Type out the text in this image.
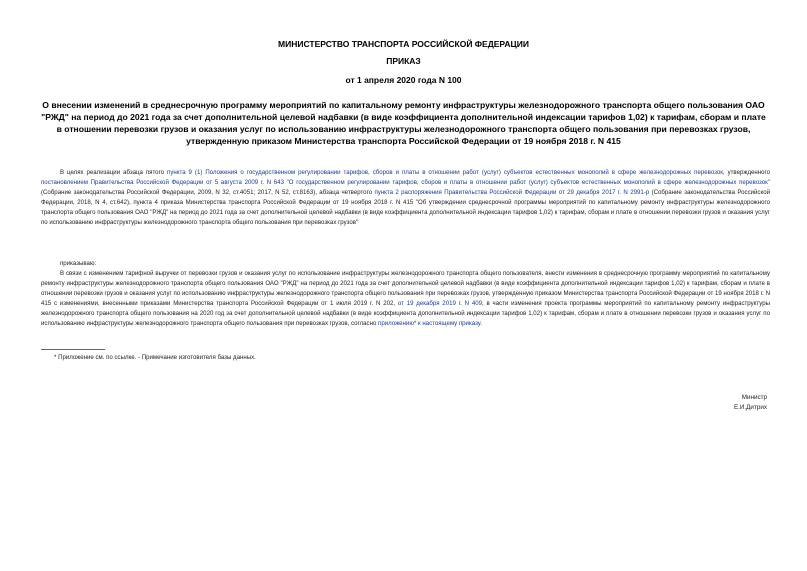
МИНИСТЕРСТВО ТРАНСПОРТА РОССИЙСКОЙ ФЕДЕРАЦИИ
ПРИКАЗ
от 1 апреля 2020 года N 100
О внесении изменений в среднесрочную программу мероприятий по капитальному ремонту инфраструктуры железнодорожного транспорта общего пользования ОАО "РЖД" на период до 2021 года за счет дополнительной целевой надбавки (в виде коэффициента дополнительной индексации тарифов 1,02) к тарифам, сборам и плате в отношении перевозки грузов и оказания услуг по использованию инфраструктуры железнодорожного транспорта общего пользования при перевозках грузов, утвержденную приказом Министерства транспорта Российской Федерации от 19 ноября 2018 г. N 415
В целях реализации абзаца пятого пункта 9 (1) Положения о государственном регулировании тарифов, сборов и платы в отношении работ (услуг) субъектов естественных монополий в сфере железнодорожных перевозок, утвержденного постановлением Правительства Российской Федерации от 5 августа 2009 г. N 643 "О государственном регулировании тарифов, сборов и платы в отношении работ (услуг) субъектов естественных монополий в сфере железнодорожных перевозок" (Собрание законодательства Российской Федерации, 2009, N 32, ст.4051; 2017, N 52, ст.8163), абзаца четвертого пункта 2 распоряжения Правительства Российской Федерации от 29 декабря 2017 г. N 2991-р (Собрание законодательства Российской Федерации, 2018, N 4, ст.642), пункта 4 приказа Министерства транспорта Российской Федерации от 19 ноября 2018 г. N 415 "Об утверждении среднесрочной программы мероприятий по капитальному ремонту инфраструктуры железнодорожного транспорта общего пользования ОАО "РЖД" на период до 2021 года за счет дополнительной целевой надбавки (в виде коэффициента дополнительной индексации тарифов 1,02) к тарифам, сборам и плате в отношении перевозки грузов и оказания услуг по использованию инфраструктуры железнодорожного транспорта общего пользования при перевозках грузов"
приказываю:
В связи с изменением тарифной выручки от перевозки грузов и оказания услуг по использование инфраструктуры железнодорожного транспорта общего пользователя, внести изменения в среднесрочную программу мероприятий по капитальному ремонту инфраструктуры железнодорожного транспорта общего пользования ОАО "РЖД" на период до 2021 года за счет дополнительной целевой надбавки (в виде коэффициента дополнительной индексации тарифов 1,02) к тарифам, сборам и плате в отношении перевозки грузов и оказания услуг по использованию инфраструктуры железнодорожного транспорта общего пользования при перевозках грузов, утвержденную приказом Министерства транспорта Российской Федерации от 19 ноября 2018 г. N 415 с изменениями, внесенными приказами Министерства транспорта Российской Федерации от 1 июля 2019 г. N 202, от 19 декабря 2019 г. N 409, в части изменения проекта программы мероприятий по капитальному ремонту инфраструктуры железнодорожного транспорта общего пользования на 2020 год за счет дополнительной целевой надбавки (в виде коэффициента дополнительной индексации тарифов 1,02) к тарифам, сборам и плате в отношении перевозки грузов и оказания услуг по использованию инфраструктуры железнодорожного транспорта общего пользования при перевозках грузов, согласно приложению* к настоящему приказу.
* Приложение см. по ссылке. - Примечание изготовителя базы данных.
Министр
Е.И.Дитрих
